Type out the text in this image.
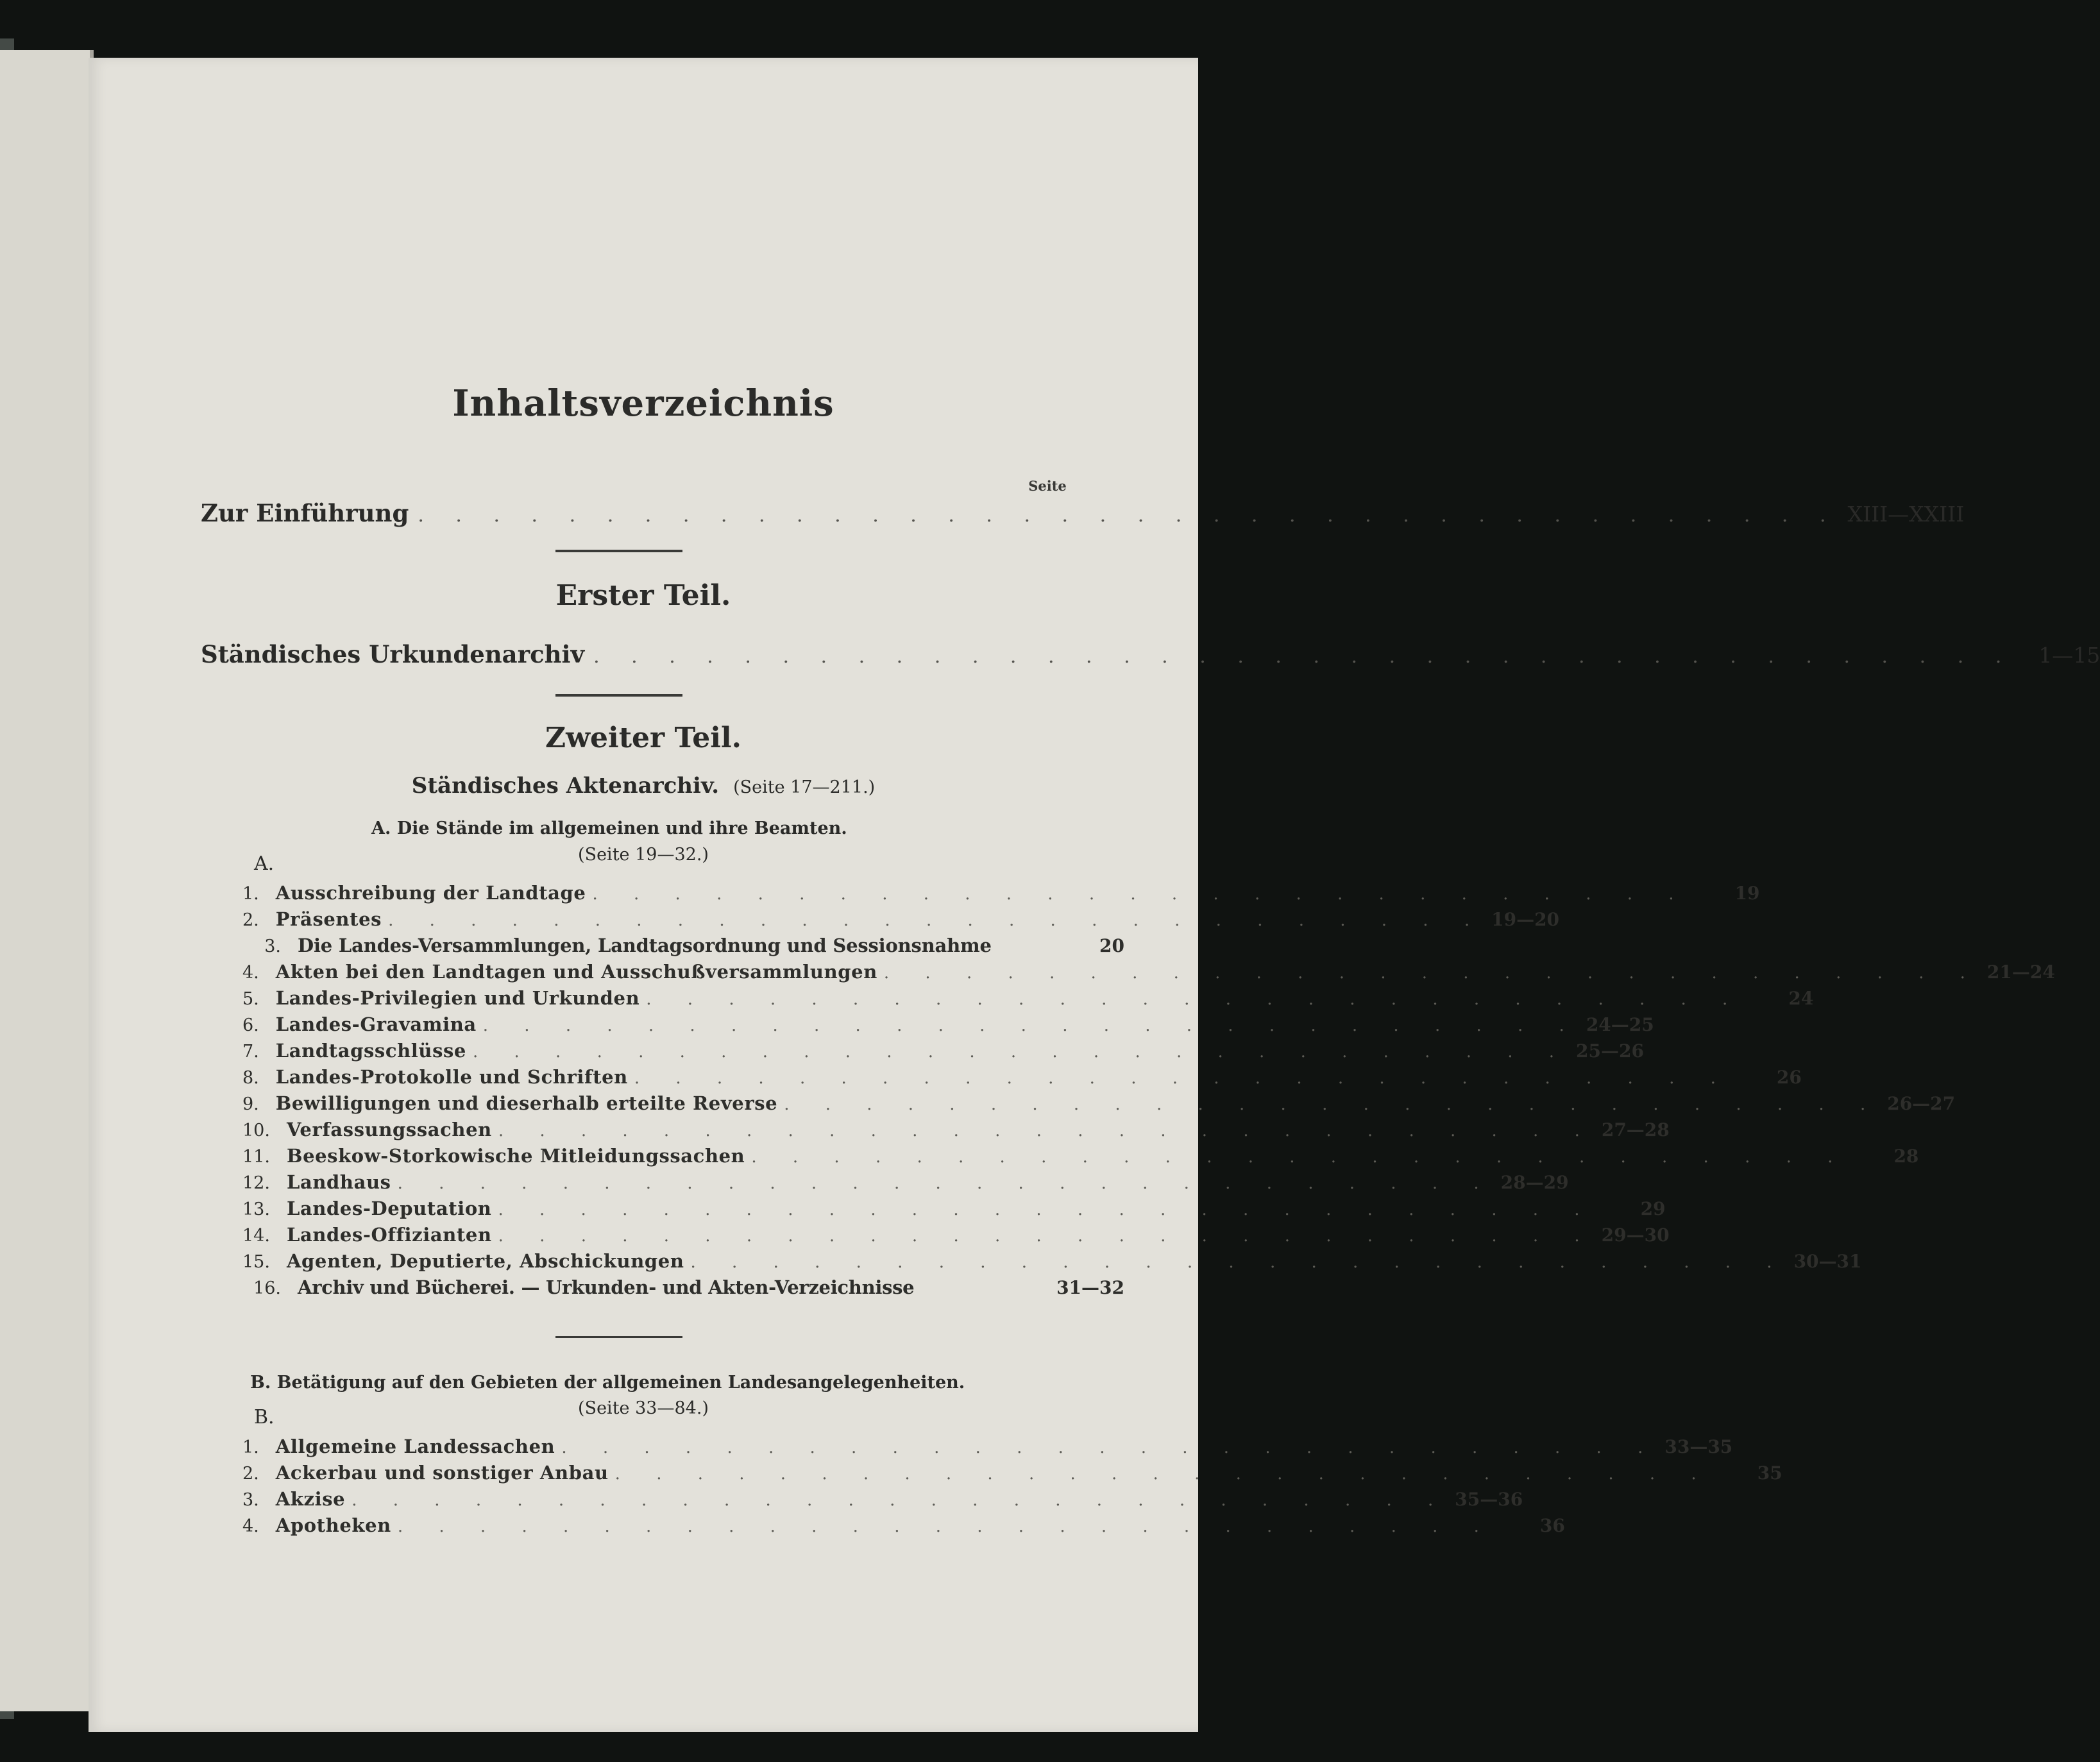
Inhaltsverzeichnis
Seite
Zur Einführung . . . . . . . . . . . . . . . . . . . . . . . . . . . . . . . . . . . . . . XIII—XXIII
Erster Teil.
Ständisches Urkundenarchiv . . . . . . . . . . . . . . . . . . . . . . . . . . . . . . . . . . . . . .	1—15
Zweiter Teil.
Ständisches Aktenarchiv. (Seite 17—211.)
A. Die Stände im allgemeinen und ihre Beamten.
(Seite 19—32.)
A.
1. Ausschreibung der Landtage . . . . . . . . . . . . . . . . . . . . . . . . . . .	19
2. Präsentes . . . . . . . . . . . . . . . . . . . . . . . . . . . 19—20
3. Die Landes-Versammlungen, Landtagsordnung und Sessionsnahme	20
4. Akten bei den Landtagen und Ausschußversammlungen . . . . . . . . . . . . . . . . . . . . . . . . . . . 21—24
5. Landes-Privilegien und Urkunden . . . . . . . . . . . . . . . . . . . . . . . . . . .	24
6. Landes-Gravamina . . . . . . . . . . . . . . . . . . . . . . . . . . . 24—25
7. Landtagsschlüsse . . . . . . . . . . . . . . . . . . . . . . . . . . . 25—26
8. Landes-Protokolle und Schriften . . . . . . . . . . . . . . . . . . . . . . . . . . .	26
9. Bewilligungen und dieserhalb erteilte Reverse . . . . . . . . . . . . . . . . . . . . . . . . . . . 26—27
10. Verfassungssachen . . . . . . . . . . . . . . . . . . . . . . . . . . . 27—28
11. Beeskow-Storkowische Mitleidungssachen . . . . . . . . . . . . . . . . . . . . . . . . . . .	28
12. Landhaus . . . . . . . . . . . . . . . . . . . . . . . . . . . 28—29
13. Landes-Deputation . . . . . . . . . . . . . . . . . . . . . . . . . . .	29
14. Landes-Offizianten . . . . . . . . . . . . . . . . . . . . . . . . . . . 29—30
15. Agenten, Deputierte, Abschickungen . . . . . . . . . . . . . . . . . . . . . . . . . . . 30—31
16. Archiv und Bücherei. — Urkunden- und Akten-Verzeichnisse	31—32
B. Betätigung auf den Gebieten der allgemeinen Landesangelegenheiten.
(Seite 33—84.)
B.
1. Allgemeine Landessachen . . . . . . . . . . . . . . . . . . . . . . . . . . . 33—35
2. Ackerbau und sonstiger Anbau . . . . . . . . . . . . . . . . . . . . . . . . . . .	35
3. Akzise . . . . . . . . . . . . . . . . . . . . . . . . . . . 35—36
4. Apotheken . . . . . . . . . . . . . . . . . . . . . . . . . . .	36
